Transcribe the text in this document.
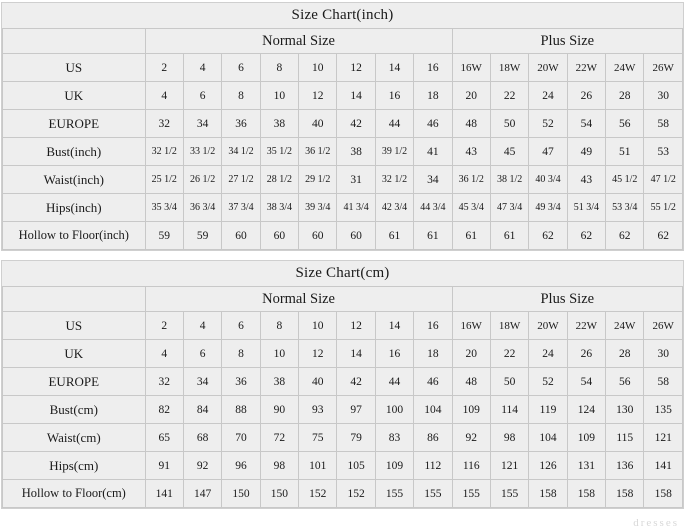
Size Chart(inch)														
	Normal Size								Plus Size					
US	2	4	6	8	10	12	14	16	16W	18W	20W	22W	24W	26W
UK	4	6	8	10	12	14	16	18	20	22	24	26	28	30
EUROPE	32	34	36	38	40	42	44	46	48	50	52	54	56	58
Bust(inch)	32 1/2	33 1/2	34 1/2	35 1/2	36 1/2	38	39 1/2	41	43	45	47	49	51	53
Waist(inch)	25 1/2	26 1/2	27 1/2	28 1/2	29 1/2	31	32 1/2	34	36 1/2	38 1/2	40 3/4	43	45 1/2	47 1/2
Hips(inch)	35 3/4	36 3/4	37 3/4	38 3/4	39 3/4	41 3/4	42 3/4	44 3/4	45 3/4	47 3/4	49 3/4	51 3/4	53 3/4	55 1/2
Hollow to Floor(inch)	59	59	60	60	60	60	61	61	61	61	62	62	62	62
Size Chart(cm)														
	Normal Size								Plus Size					
US	2	4	6	8	10	12	14	16	16W	18W	20W	22W	24W	26W
UK	4	6	8	10	12	14	16	18	20	22	24	26	28	30
EUROPE	32	34	36	38	40	42	44	46	48	50	52	54	56	58
Bust(cm)	82	84	88	90	93	97	100	104	109	114	119	124	130	135
Waist(cm)	65	68	70	72	75	79	83	86	92	98	104	109	115	121
Hips(cm)	91	92	96	98	101	105	109	112	116	121	126	131	136	141
Hollow to Floor(cm)	141	147	150	150	152	152	155	155	155	155	158	158	158	158
dresses
